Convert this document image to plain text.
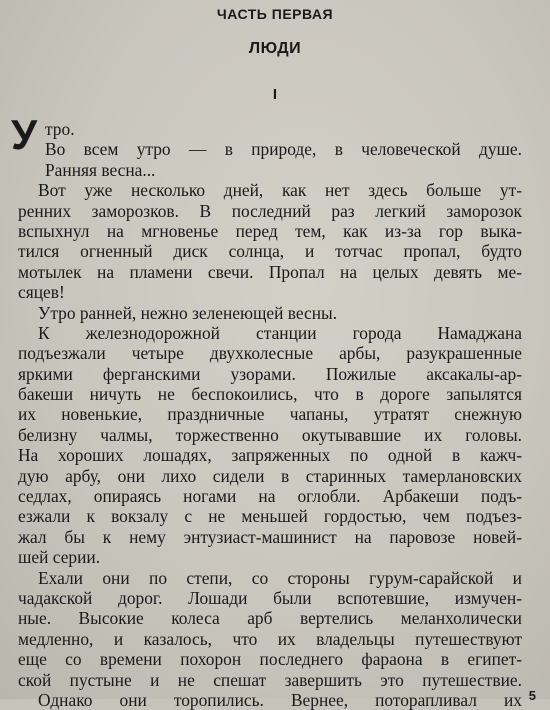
ЧАСТЬ ПЕРВАЯ
ЛЮДИ
I
У тро.
Во всем утро — в природе, в человеческой душе.
Ранняя весна...
Вот уже несколько дней, как нет здесь больше ут-
ренних заморозков. В последний раз легкий заморозок
вспыхнул на мгновенье перед тем, как из-за гор выка-
тился огненный диск солнца, и тотчас пропал, будто
мотылек на пламени свечи. Пропал на целых девять ме-
сяцев!
Утро ранней, нежно зеленеющей весны.
К железнодорожной станции города Намаджана
подъезжали четыре двухколесные арбы, разукрашенные
яркими ферганскими узорами. Пожилые аксакалы-ар-
бакеши ничуть не беспокоились, что в дороге запылятся
их новенькие, праздничные чапаны, утратят снежную
белизну чалмы, торжественно окутывавшие их головы.
На хороших лошадях, запряженных по одной в кажч-
дую арбу, они лихо сидели в старинных тамерлановских
седлах, опираясь ногами на оглобли. Арбакеши подъ-
езжали к вокзалу с не меньшей гордостью, чем подъез-
жал бы к нему энтузиаст-машинист на паровозе новей-
шей серии.
Ехали они по степи, со стороны гурум-сарайской и
чадакской дорог. Лошади были вспотевшие, измучен-
ные. Высокие колеса арб вертелись меланхолически
медленно, и казалось, что их владельцы путешествуют
еще со времени похорон последнего фараона в египет-
ской пустыне и не спешат завершить это путешествие.
Однако они торопились. Вернее, поторапливал их 5
